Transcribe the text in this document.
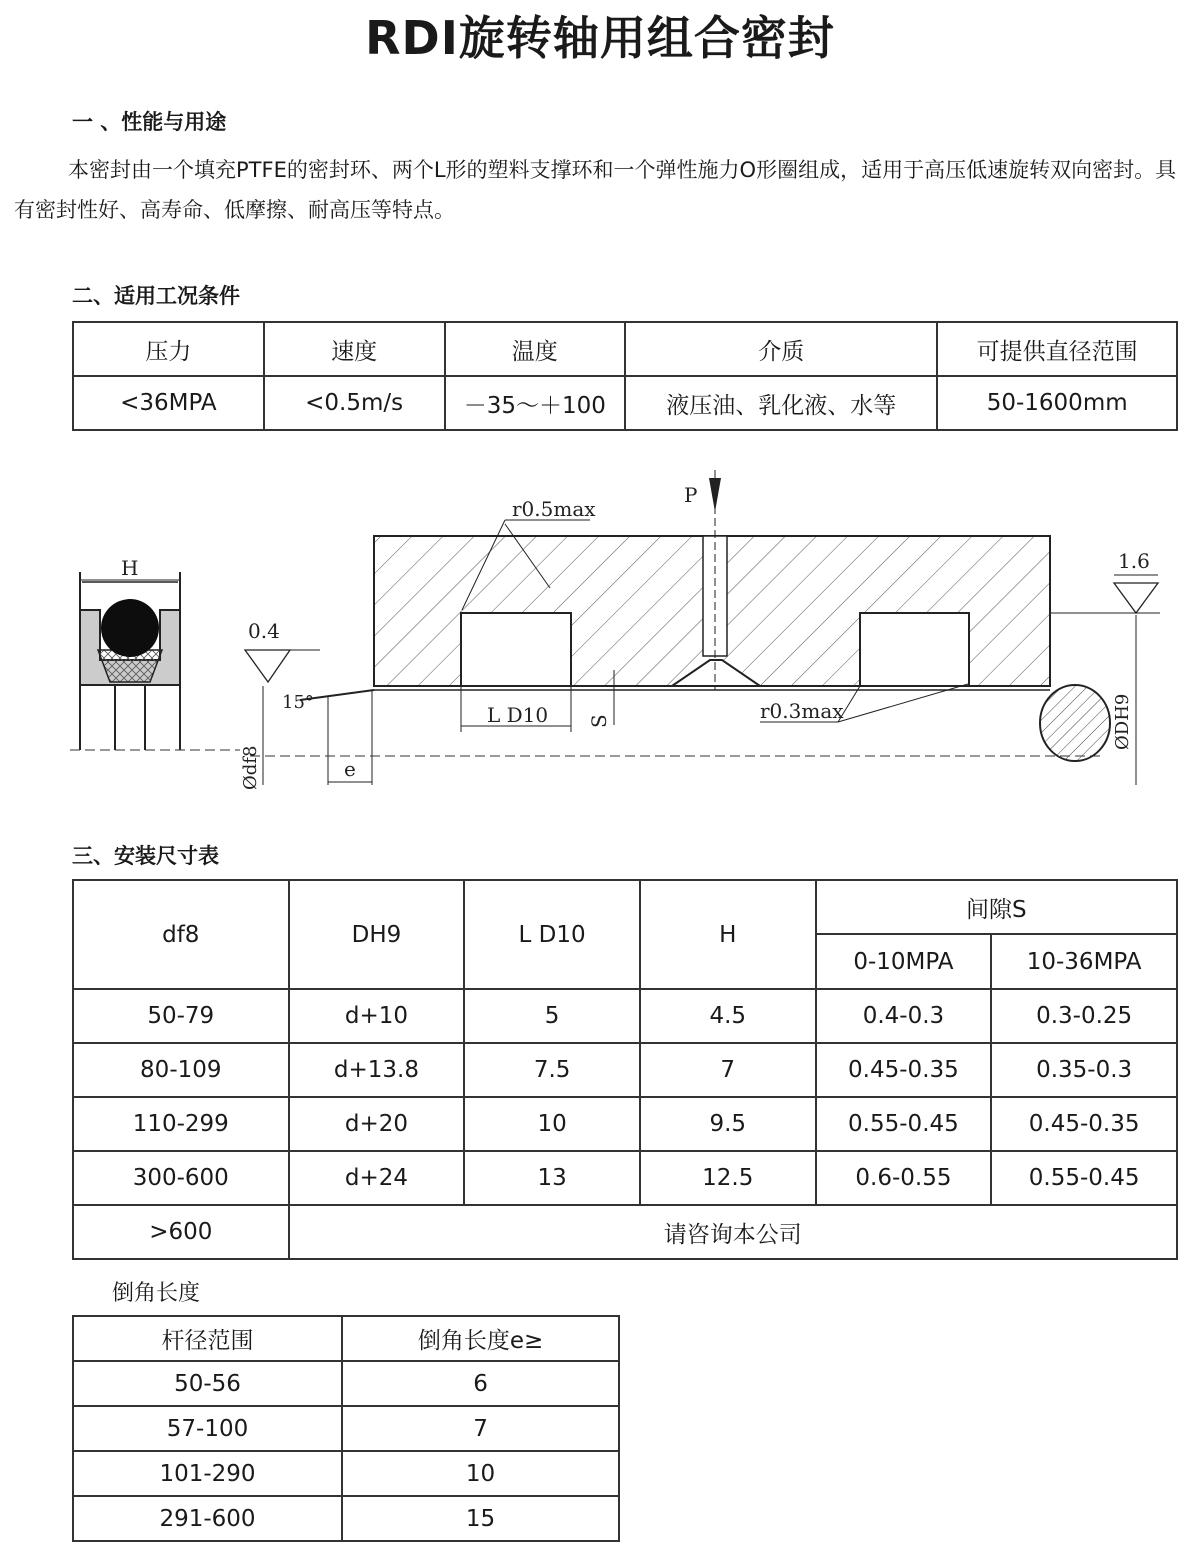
RDI旋转轴用组合密封
一 、性能与用途
本密封由一个填充PTFE的密封环、两个L形的塑料支撑环和一个弹性施力O形圈组成，适用于高压低速旋转双向密封。具有密封性好、高寿命、低摩擦、耐高压等特点。
二、适用工况条件
压力	速度	温度	介质	可提供直径范围
<36MPA	<0.5m/s	－35～＋100	液压油、乳化液、水等	50-1600mm
H
0.4
15°
Ødf8	e
r0.5max
P
L D10 S	r0.3max
1.6
ØDH9
三、安装尺寸表
df8	DH9	L D10	H	间隙S	
				0-10MPA	10-36MPA
50-79	d+10	5	4.5	0.4-0.3	0.3-0.25
80-109	d+13.8	7.5	7	0.45-0.35	0.35-0.3
110-299	d+20	10	9.5	0.55-0.45	0.45-0.35
300-600	d+24	13	12.5	0.6-0.55	0.55-0.45
>600	请咨询本公司				
倒角长度
杆径范围	倒角长度e≥
50-56	6
57-100	7
101-290	10
291-600	15
